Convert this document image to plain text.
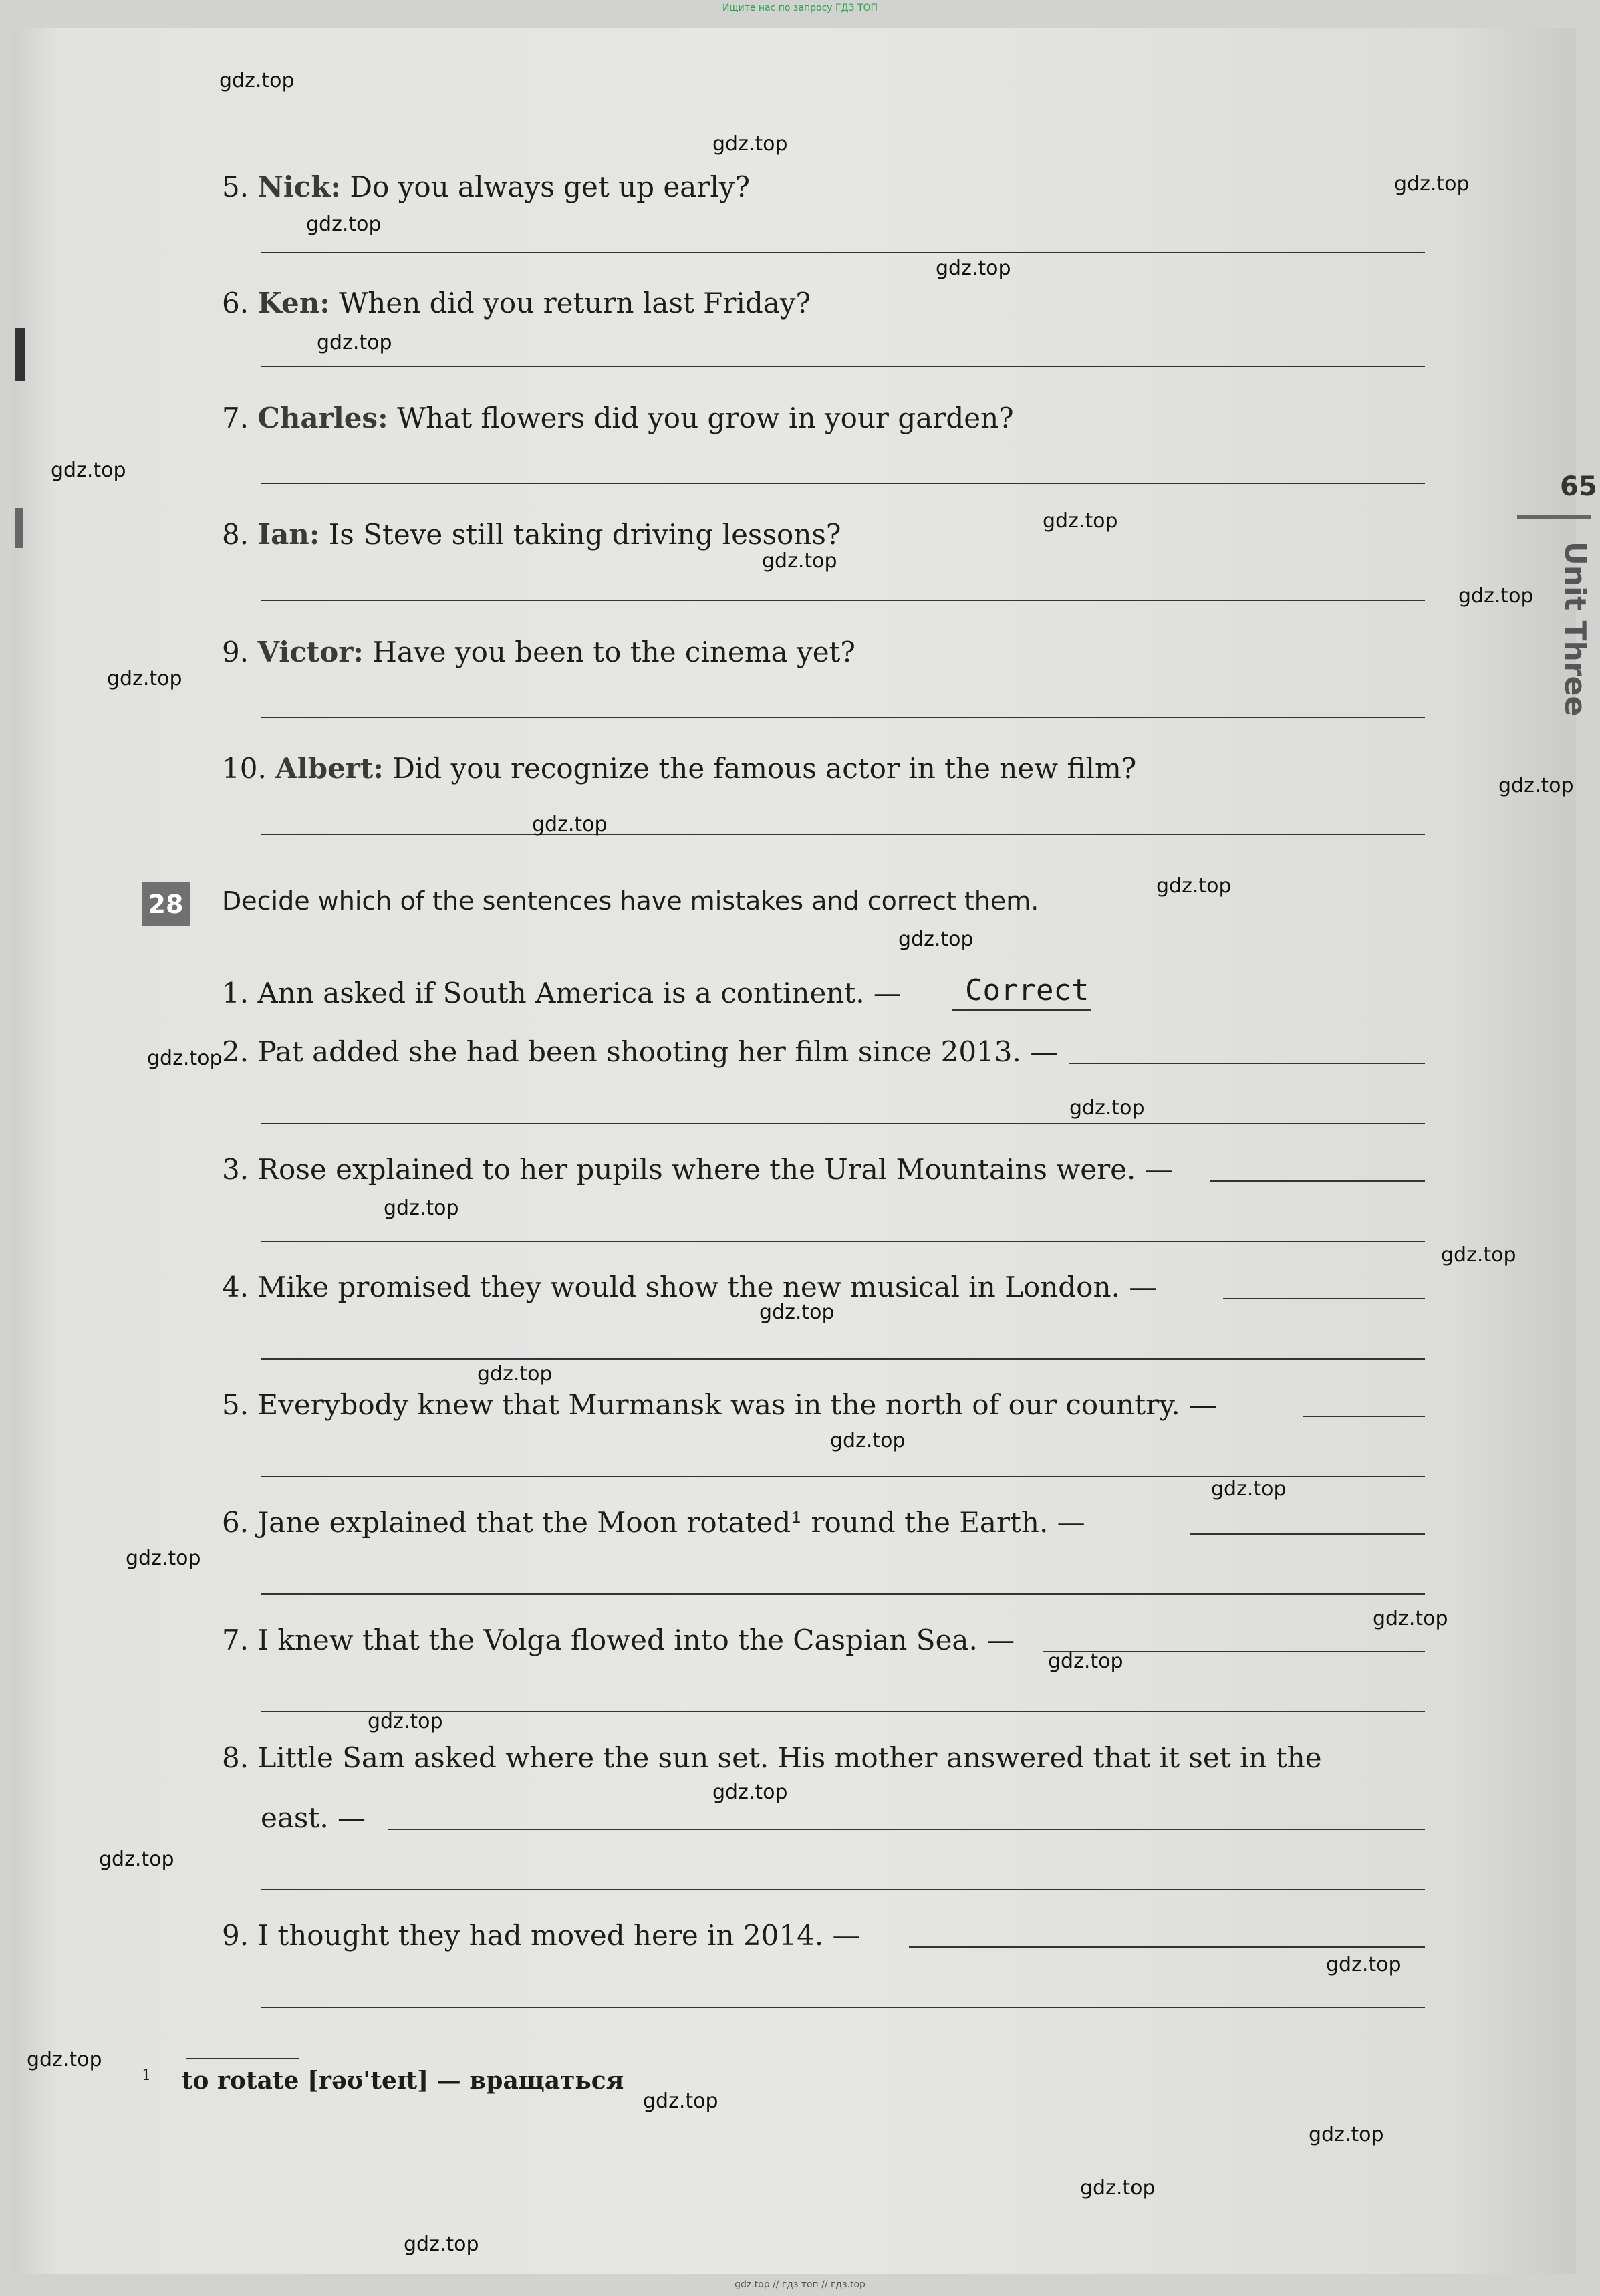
Ищите нас по запросу ГДЗ ТОП
5. Nick: Do you always get up early?
6. Ken: When did you return last Friday?
7. Charles: What flowers did you grow in your garden?
8. Ian: Is Steve still taking driving lessons?
9. Victor: Have you been to the cinema yet?
10. Albert: Did you recognize the famous actor in the new film?
28 Decide which of the sentences have mistakes and correct them.
1. Ann asked if South America is a continent. — Correct
2. Pat added she had been shooting her film since 2013. —
3. Rose explained to her pupils where the Ural Mountains were. —
4. Mike promised they would show the new musical in London. —
5. Everybody knew that Murmansk was in the north of our country. —
6. Jane explained that the Moon rotated¹ round the Earth. —
7. I knew that the Volga flowed into the Caspian Sea. —
8. Little Sam asked where the sun set. His mother answered that it set in the
east. —
9. I thought they had moved here in 2014. —
$^1$ to rotate [rəʊ'teɪt] — вращаться
65
Unit Three
gdz.top
gdz.top
gdz.top
gdz.top
gdz.top
gdz.top
gdz.top
gdz.top
gdz.top
gdz.top
gdz.top
gdz.top
gdz.top
gdz.top
gdz.top
gdz.top
gdz.top
gdz.top
gdz.top
gdz.top
gdz.top
gdz.top
gdz.top
gdz.top
gdz.top
gdz.top
gdz.top
gdz.top
gdz.top
gdz.top
gdz.top
gdz.top
gdz.top
gdz.top
gdz.top
gdz.top // гдз топ // гдз.top
